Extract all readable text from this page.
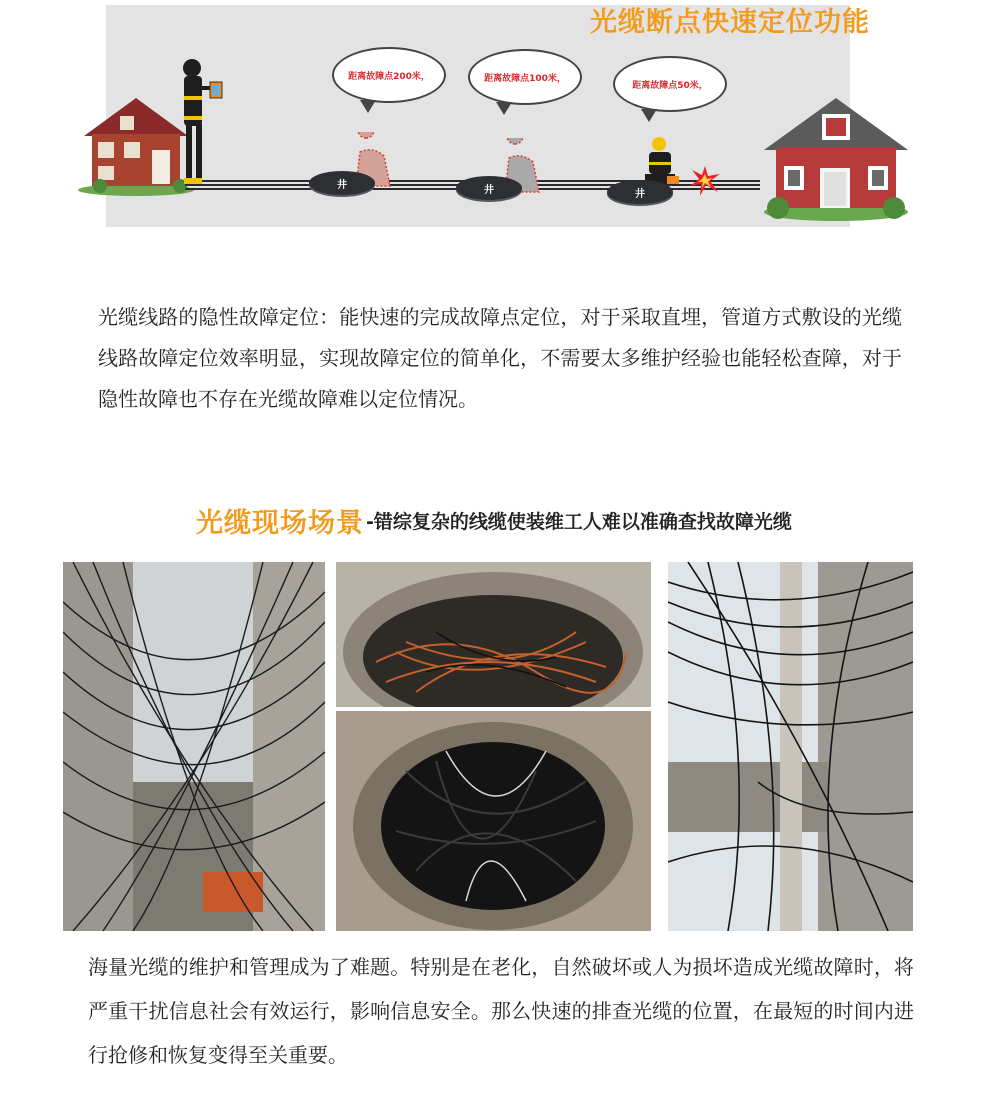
光缆断点快速定位功能
井	井	井
距离故障点200米，	距离故障点100米，
距离故障点50米，

光缆线路的隐性故障定位：能快速的完成故障点定位，对于采取直埋，管道方式敷设的光缆线路故障定位效率明显，实现故障定位的简单化，不需要太多维护经验也能轻松查障，对于隐性故障也不存在光缆故障难以定位情况。

光缆现场场景 -错综复杂的线缆使装维工人难以准确查找故障光缆

海量光缆的维护和管理成为了难题。特别是在老化，自然破坏或人为损坏造成光缆故障时，将严重干扰信息社会有效运行，影响信息安全。那么快速的排查光缆的位置，在最短的时间内进行抢修和恢复变得至关重要。
